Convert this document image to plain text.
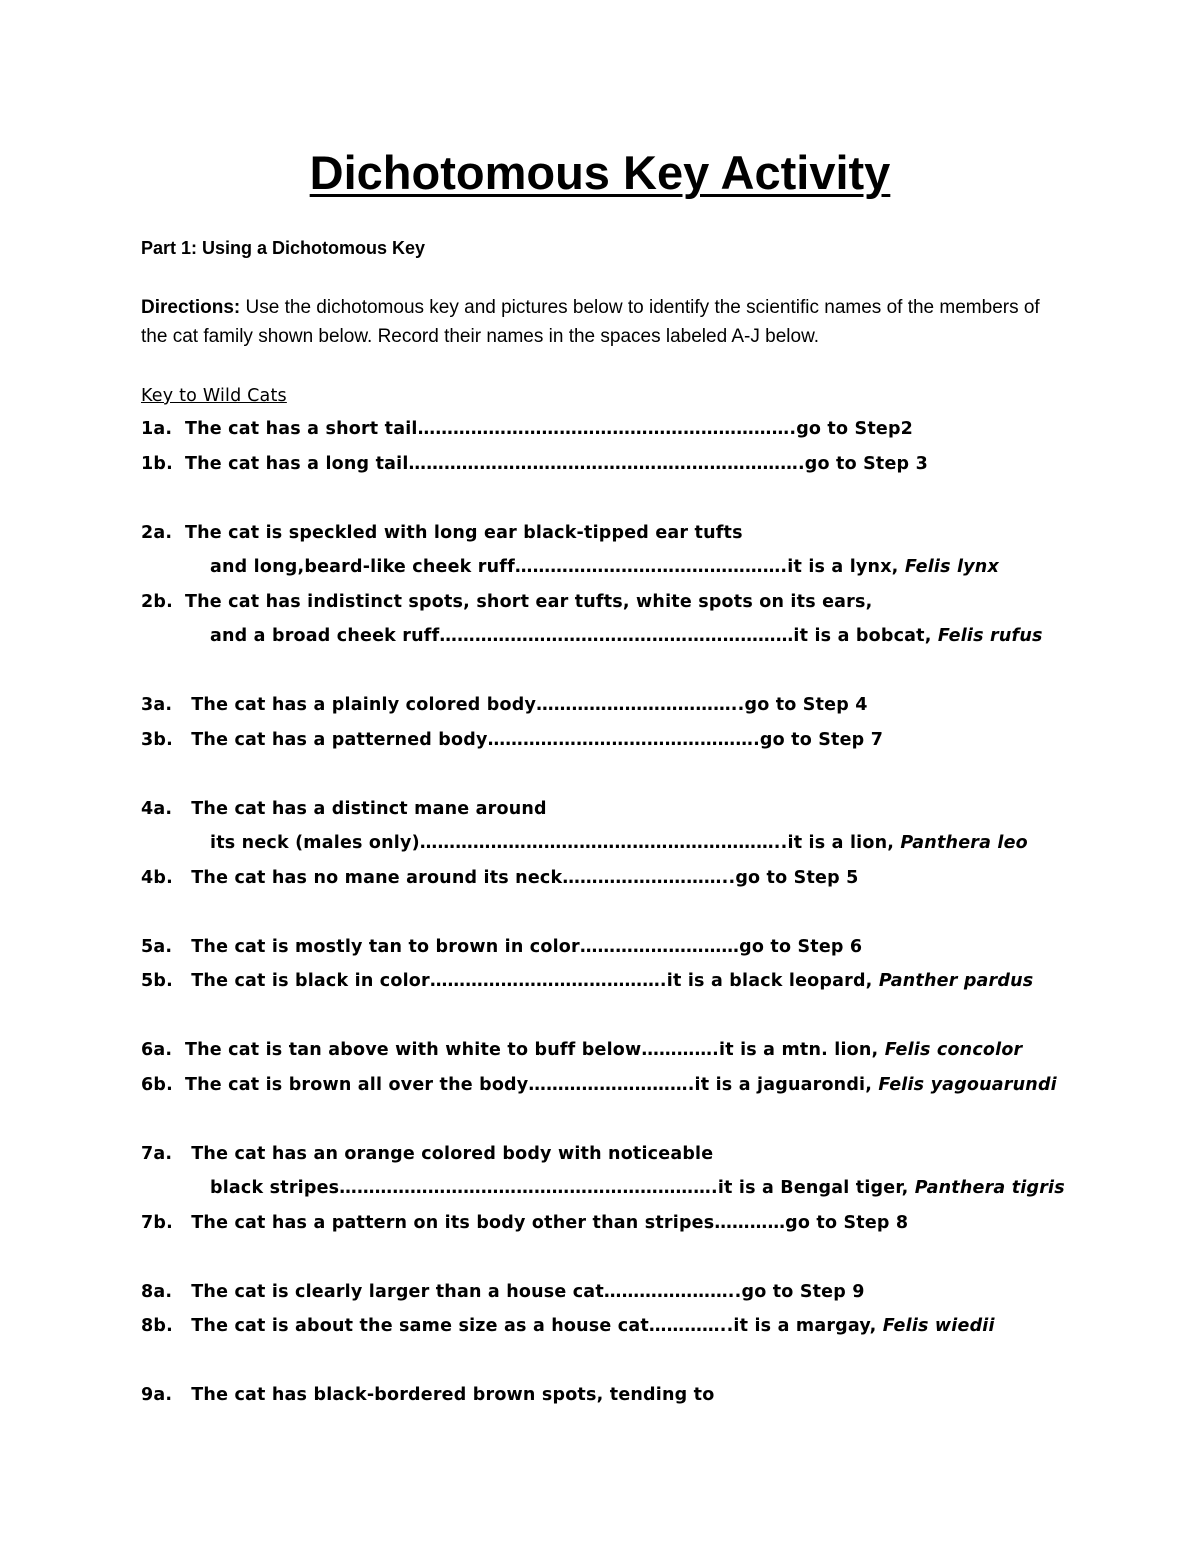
Dichotomous Key Activity

Part 1: Using a Dichotomous Key

Directions: Use the dichotomous key and pictures below to identify the scientific names of the members of the cat family shown below. Record their names in the spaces labeled A-J below.

Key to Wild Cats
1a. The cat has a short tail……………………………………………………….go to Step2
1b. The cat has a long tail………………………………………………………….go to Step 3
2a. The cat is speckled with long ear black-tipped ear tufts
and long,beard-like cheek ruff……………………………………….it is a lynx, Felis lynx
2b. The cat has indistinct spots, short ear tufts, white spots on its ears,
and a broad cheek ruff……………………………………………………it is a bobcat, Felis rufus
3a. The cat has a plainly colored body……………………………..go to Step 4
3b. The cat has a patterned body……………………………………….go to Step 7
4a. The cat has a distinct mane around
its neck (males only)……………………………………………………..it is a lion, Panthera leo
4b. The cat has no mane around its neck………………………..go to Step 5
5a. The cat is mostly tan to brown in color………………………go to Step 6
5b. The cat is black in color………………………………….it is a black leopard, Panther pardus
6a. The cat is tan above with white to buff below………….it is a mtn. lion, Felis concolor
6b. The cat is brown all over the body……………………….it is a jaguarondi, Felis yagouarundi
7a. The cat has an orange colored body with noticeable
black stripes……………………………………………………….it is a Bengal tiger, Panthera tigris
7b. The cat has a pattern on its body other than stripes…………go to Step 8
8a. The cat is clearly larger than a house cat…………………..go to Step 9
8b. The cat is about the same size as a house cat…………..it is a margay, Felis wiedii
9a. The cat has black-bordered brown spots, tending to
